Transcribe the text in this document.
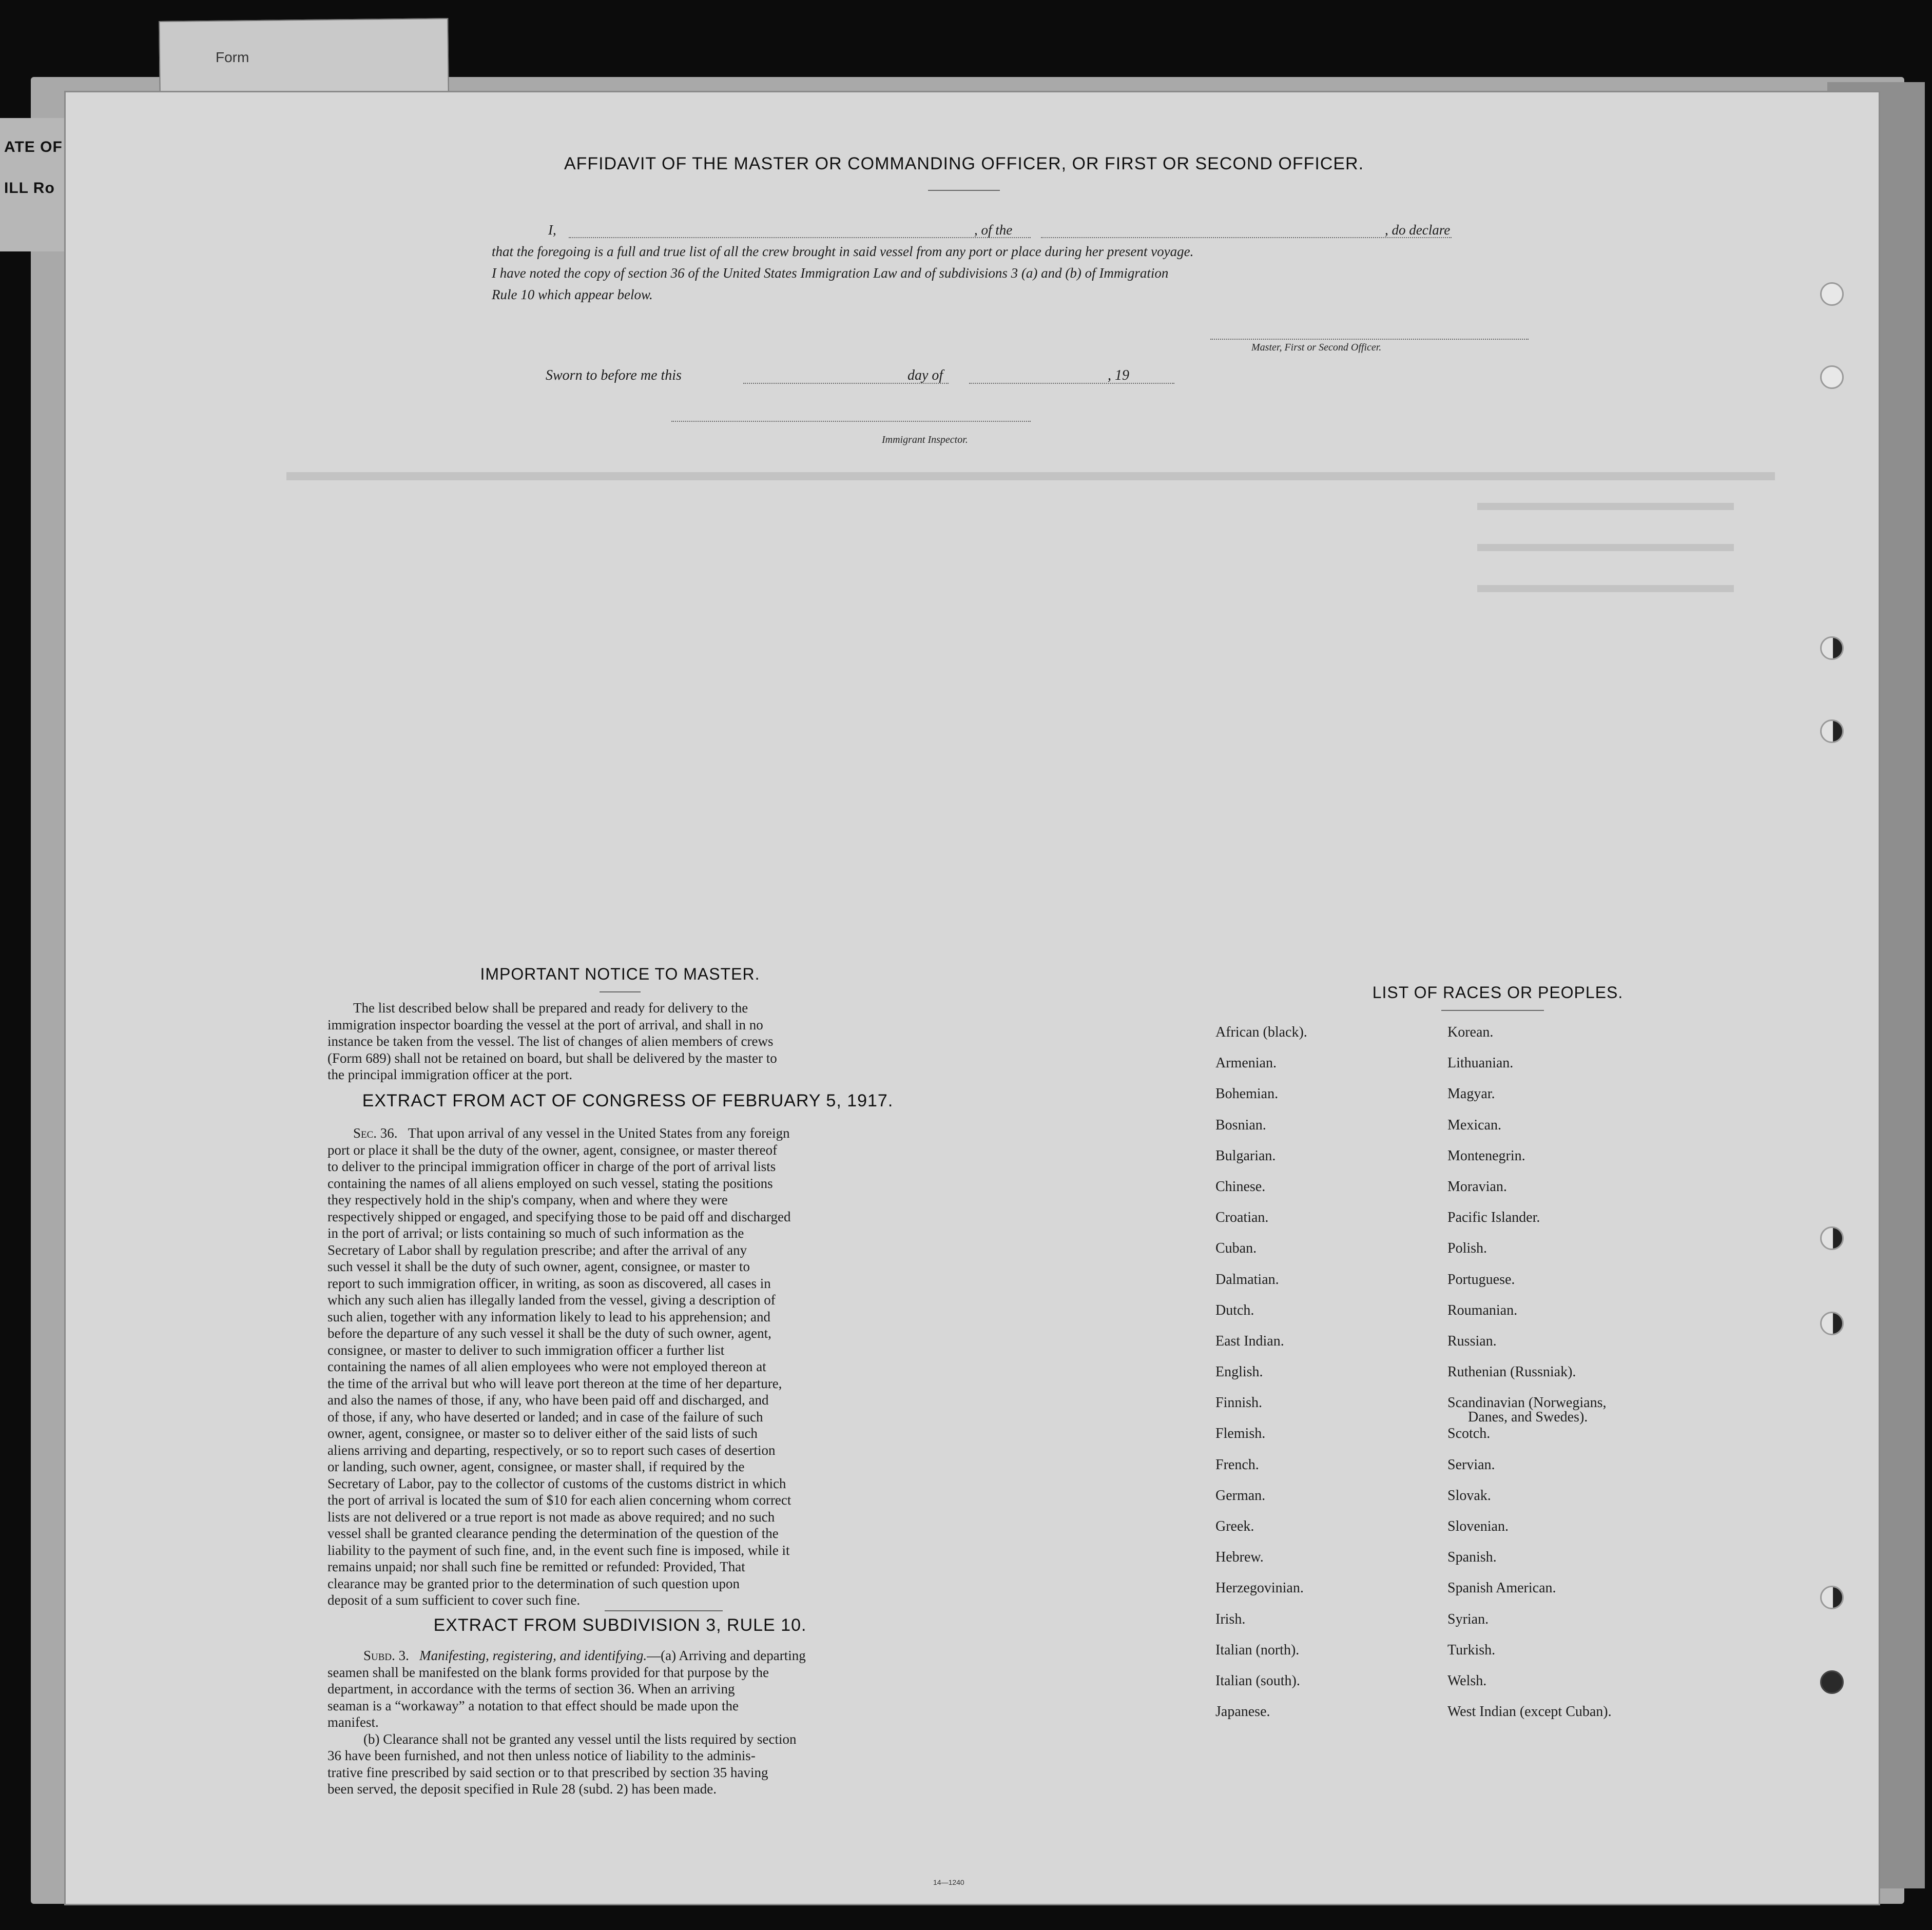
Form
ATE OF
ILL Ro
AFFIDAVIT OF THE MASTER OR COMMANDING OFFICER, OR FIRST OR SECOND OFFICER.
I,	, of the	, do declare
that the foregoing is a full and true list of all the crew brought in said vessel from any port or place during her present voyage.
I have noted the copy of section 36 of the United States Immigration Law and of subdivisions 3 (a) and (b) of Immigration
Rule 10 which appear below.
Master, First or Second Officer.
Sworn to before me this	day of	, 19
Immigrant Inspector.
IMPORTANT NOTICE TO MASTER.
The list described below shall be prepared and ready for delivery to the
immigration inspector boarding the vessel at the port of arrival, and shall in no
instance be taken from the vessel. The list of changes of alien members of crews
(Form 689) shall not be retained on board, but shall be delivered by the master to
the principal immigration officer at the port.
EXTRACT FROM ACT OF CONGRESS OF FEBRUARY 5, 1917.
Sec. 36. That upon arrival of any vessel in the United States from any foreign
port or place it shall be the duty of the owner, agent, consignee, or master thereof
to deliver to the principal immigration officer in charge of the port of arrival lists
containing the names of all aliens employed on such vessel, stating the positions
they respectively hold in the ship's company, when and where they were
respectively shipped or engaged, and specifying those to be paid off and discharged
in the port of arrival; or lists containing so much of such information as the
Secretary of Labor shall by regulation prescribe; and after the arrival of any
such vessel it shall be the duty of such owner, agent, consignee, or master to
report to such immigration officer, in writing, as soon as discovered, all cases in
which any such alien has illegally landed from the vessel, giving a description of
such alien, together with any information likely to lead to his apprehension; and
before the departure of any such vessel it shall be the duty of such owner, agent,
consignee, or master to deliver to such immigration officer a further list
containing the names of all alien employees who were not employed thereon at
the time of the arrival but who will leave port thereon at the time of her departure,
and also the names of those, if any, who have been paid off and discharged, and
of those, if any, who have deserted or landed; and in case of the failure of such
owner, agent, consignee, or master so to deliver either of the said lists of such
aliens arriving and departing, respectively, or so to report such cases of desertion
or landing, such owner, agent, consignee, or master shall, if required by the
Secretary of Labor, pay to the collector of customs of the customs district in which
the port of arrival is located the sum of $10 for each alien concerning whom correct
lists are not delivered or a true report is not made as above required; and no such
vessel shall be granted clearance pending the determination of the question of the
liability to the payment of such fine, and, in the event such fine is imposed, while it
remains unpaid; nor shall such fine be remitted or refunded: Provided, That
clearance may be granted prior to the determination of such question upon
deposit of a sum sufficient to cover such fine.
EXTRACT FROM SUBDIVISION 3, RULE 10.
Subd. 3. Manifesting, registering, and identifying.—(a) Arriving and departing
seamen shall be manifested on the blank forms provided for that purpose by the
department, in accordance with the terms of section 36. When an arriving
seaman is a “workaway” a notation to that effect should be made upon the
manifest.
(b) Clearance shall not be granted any vessel until the lists required by section
36 have been furnished, and not then unless notice of liability to the adminis-
trative fine prescribed by said section or to that prescribed by section 35 having
been served, the deposit specified in Rule 28 (subd. 2) has been made.
14—1240
LIST OF RACES OR PEOPLES.
African (black).
Armenian.
Bohemian.
Bosnian.
Bulgarian.
Chinese.
Croatian.
Cuban.
Dalmatian.
Dutch.
East Indian.
English.
Finnish.
Flemish.
French.
German.
Greek.
Hebrew.
Herzegovinian.
Irish.
Italian (north).
Italian (south).
Japanese.
Korean.
Lithuanian.
Magyar.
Mexican.
Montenegrin.
Moravian.
Pacific Islander.
Polish.
Portuguese.
Roumanian.
Russian.
Ruthenian (Russniak).
Scandinavian (Norwegians,
Danes, and Swedes).
Scotch.
Servian.
Slovak.
Slovenian.
Spanish.
Spanish American.
Syrian.
Turkish.
Welsh.
West Indian (except Cuban).
